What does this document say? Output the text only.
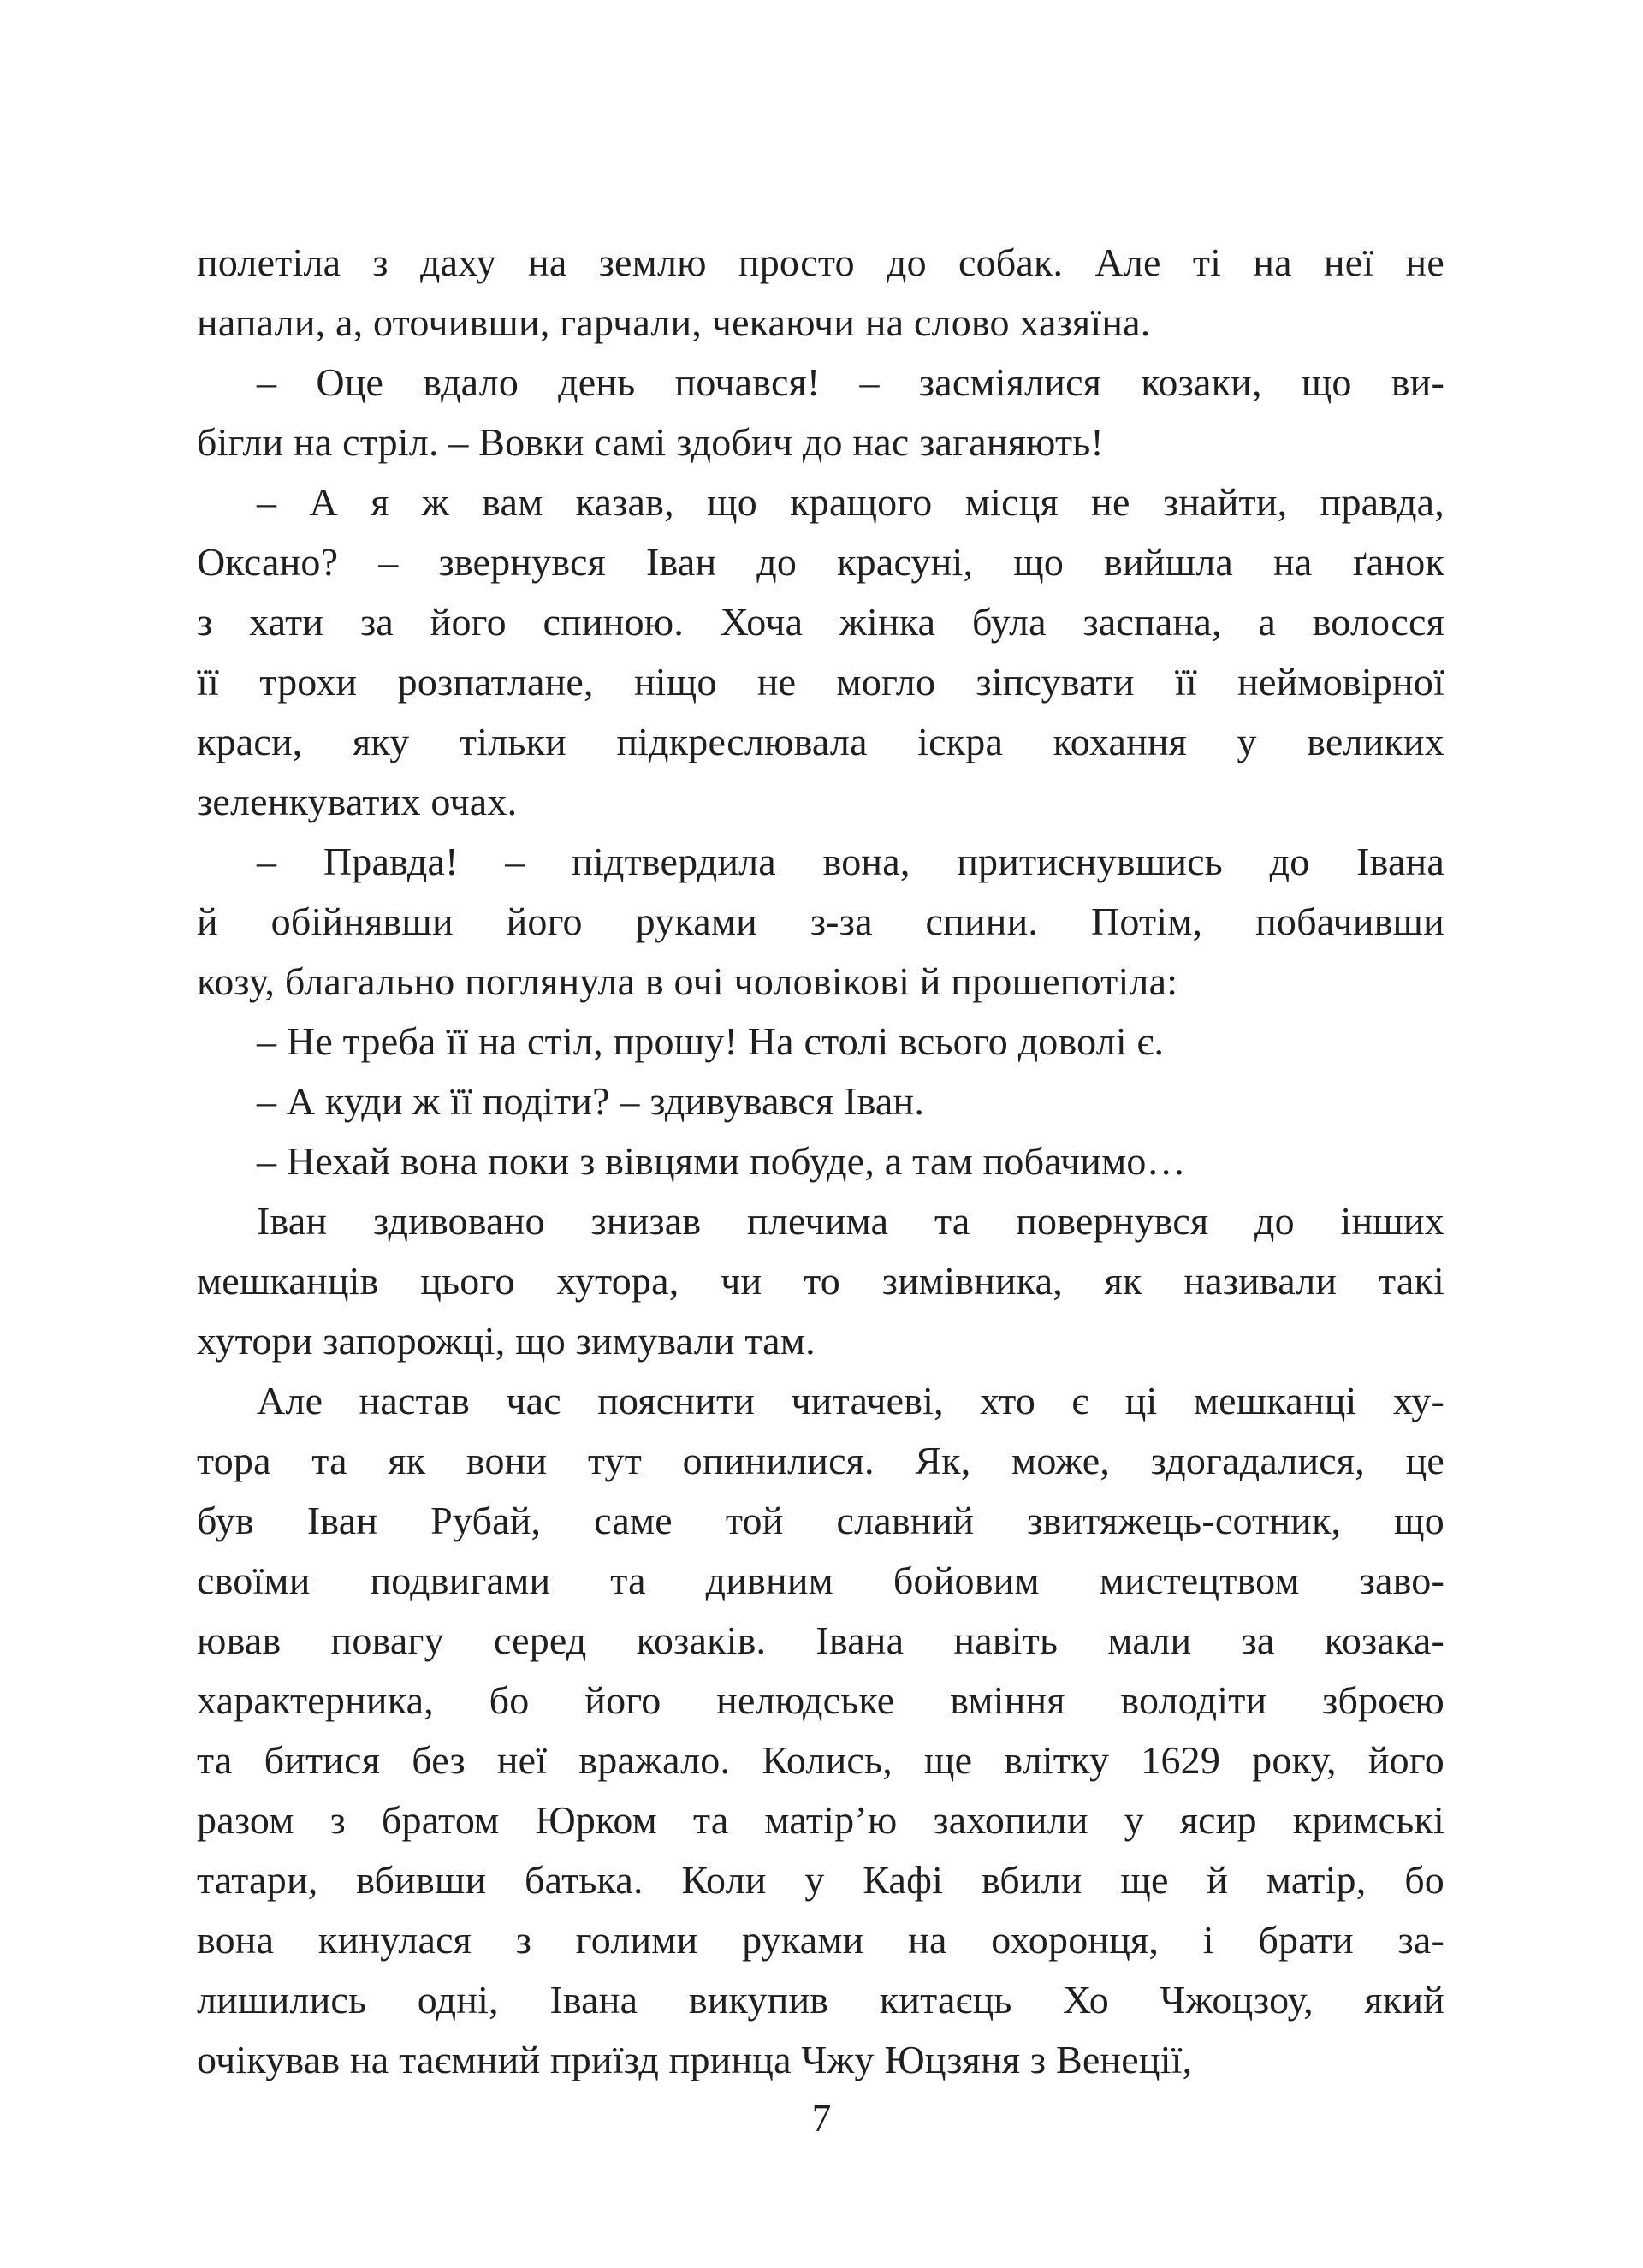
полетіла з даху на землю просто до собак. Але ті на неї не
напали, а, оточивши, гарчали, чекаючи на слово хазяїна.
– Оце вдало день почався! – засміялися козаки, що ви-
бігли на стріл. – Вовки самі здобич до нас заганяють!
– А я ж вам казав, що кращого місця не знайти, правда,
Оксано? – звернувся Іван до красуні, що вийшла на ґанок
з хати за його спиною. Хоча жінка була заспана, а волосся
її трохи розпатлане, ніщо не могло зіпсувати її неймовірної
краси, яку тільки підкреслювала іскра кохання у великих
зеленкуватих очах.
– Правда! – підтвердила вона, притиснувшись до Івана
й обійнявши його руками з-за спини. Потім, побачивши
козу, благально поглянула в очі чоловікові й прошепотіла:
– Не треба її на стіл, прошу! На столі всього доволі є.
– А куди ж її подіти? – здивувався Іван.
– Нехай вона поки з вівцями побуде, а там побачимо…
Іван здивовано знизав плечима та повернувся до інших
мешканців цього хутора, чи то зимівника, як називали такі
хутори запорожці, що зимували там.
Але настав час пояснити читачеві, хто є ці мешканці ху-
тора та як вони тут опинилися. Як, може, здогадалися, це
був Іван Рубай, саме той славний звитяжець-сотник, що
своїми подвигами та дивним бойовим мистецтвом заво-
ював повагу серед козаків. Івана навіть мали за козака-
характерника, бо його нелюдське вміння володіти зброєю
та битися без неї вражало. Колись, ще влітку 1629 року, його
разом з братом Юрком та матір’ю захопили у ясир кримські
татари, вбивши батька. Коли у Кафі вбили ще й матір, бо
вона кинулася з голими руками на охоронця, і брати за-
лишились одні, Івана викупив китаєць Хо Чжоцзоу, який
очікував на таємний приїзд принца Чжу Юцзяня з Венеції,
7
